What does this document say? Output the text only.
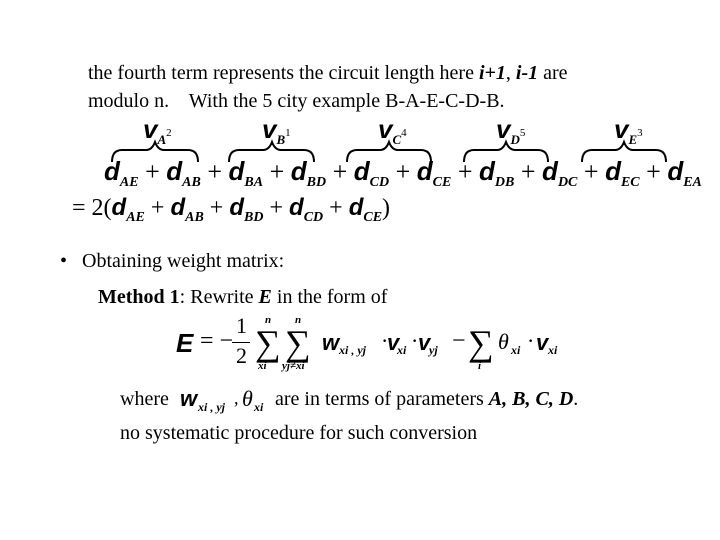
the fourth term represents the circuit length here i+1, i-1 are
modulo n.    With the 5 city example B-A-E-C-D-B.
$v_A2$	$v_B1$	$v_C4$	$v_D5$	$v_E3$
$d_{AE} + d_{AB} + d_{BA} + d_{BD} + d_{CD} + d_{CE} + d_{DB} + d_{DC} + d_{EC} + d_{EA}$
= $2(d_{AE} + d_{AB} + d_{BD} + d_{CD} + d_{CE})$
• Obtaining weight matrix:
Method 1: Rewrite E in the form of
E = −
1
2
n
∑
xi
n
∑
yj≠xi
w xi , yj ·
v
xi · v
yj − ∑
i
θ xi · v xi
where w xi , yj , θ xi are in terms of parameters A, B, C, D.
no systematic procedure for such conversion
